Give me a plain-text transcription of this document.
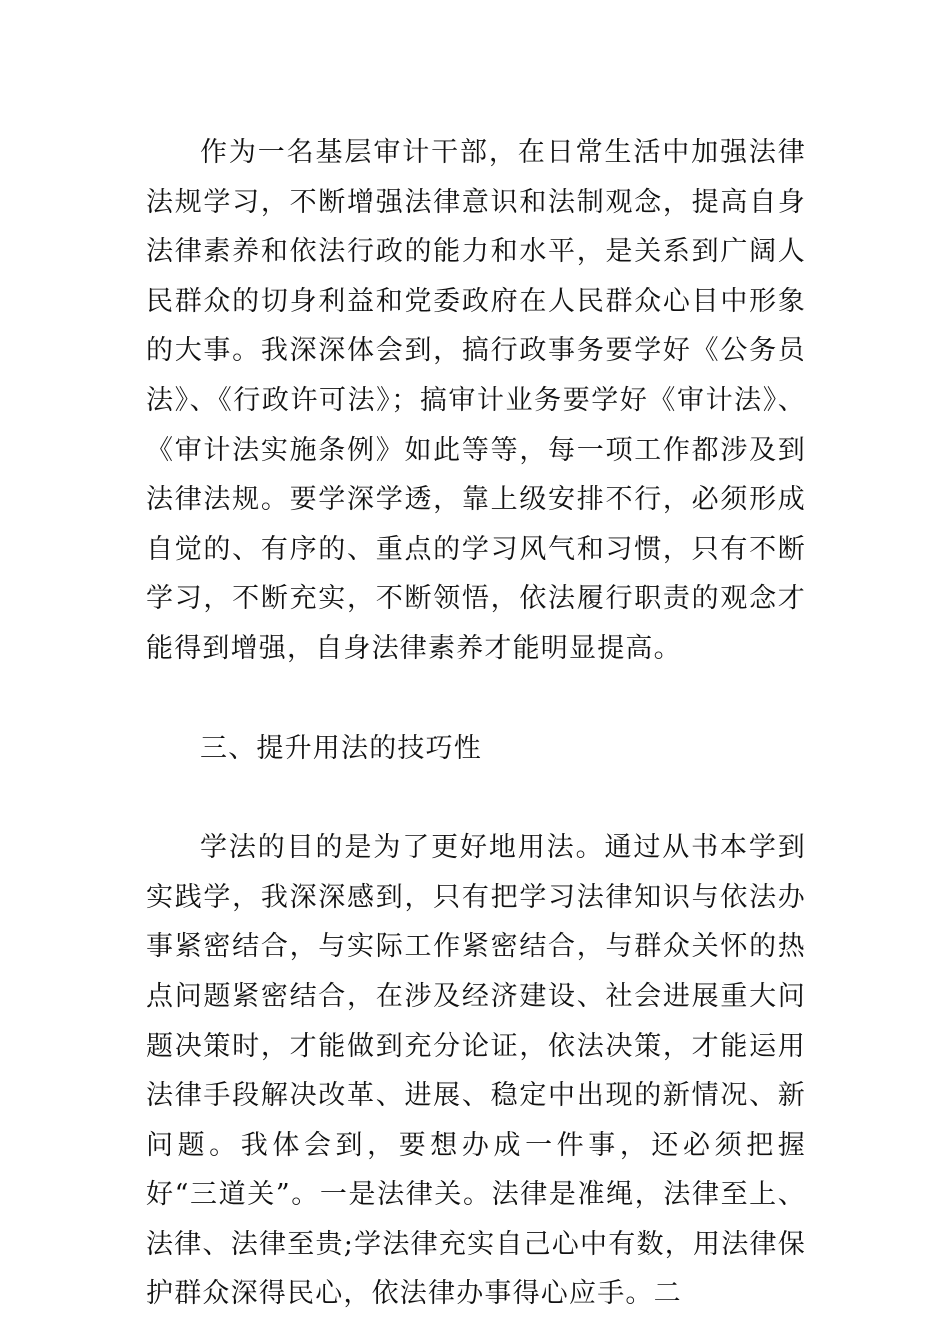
作为一名基层审计干部，在日常生活中加强法律法规学习，不断增强法律意识和法制观念，提高自身法律素养和依法行政的能力和水平，是关系到广阔人民群众的切身利益和党委政府在人民群众心目中形象的大事。我深深体会到，搞行政事务要学好《公务员法》、《行政许可法》；搞审计业务要学好《审计法》、《审计法实施条例》如此等等，每一项工作都涉及到法律法规。要学深学透，靠上级安排不行，必须形成自觉的、有序的、重点的学习风气和习惯，只有不断学习，不断充实，不断领悟，依法履行职责的观念才能得到增强，自身法律素养才能明显提高。

三、提升用法的技巧性

学法的目的是为了更好地用法。通过从书本学到实践学，我深深感到，只有把学习法律知识与依法办事紧密结合，与实际工作紧密结合，与群众关怀的热点问题紧密结合，在涉及经济建设、社会进展重大问题决策时，才能做到充分论证，依法决策，才能运用法律手段解决改革、进展、稳定中出现的新情况、新问题。我体会到，要想办成一件事，还必须把握好“三道关”。一是法律关。法律是准绳，法律至上、法律、法律至贵;学法律充实自己心中有数，用法律保护群众深得民心，依法律办事得心应手。二
